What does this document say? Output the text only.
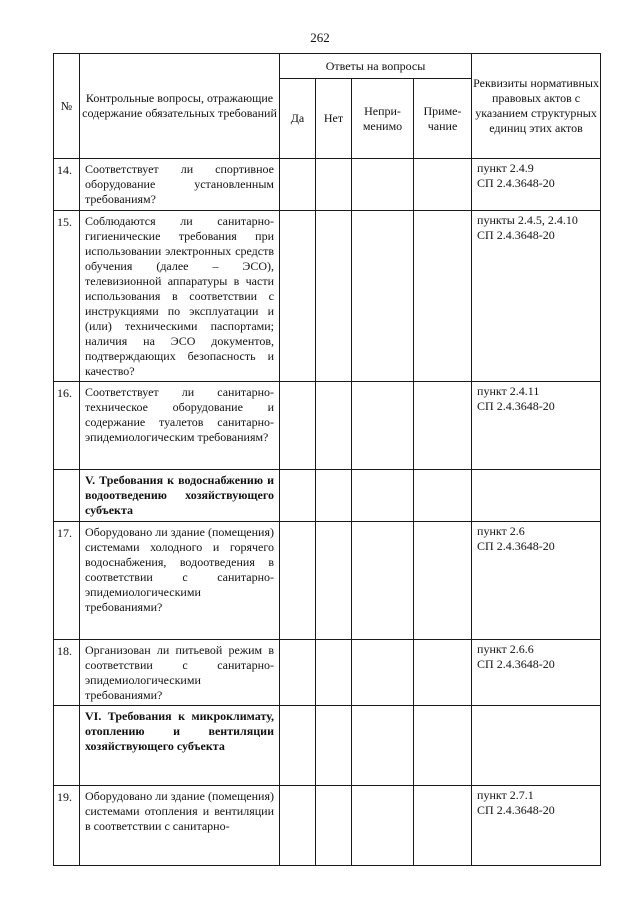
262
№	Контрольные вопросы, отражающие содержание обязательных требований	Ответы на вопросы				Реквизиты нормативных правовых актов с указанием структурных единиц этих актов
		Да	Нет	Непри-менимо	Приме-чание	
14.	Соответствует ли спортивное оборудование установленным требованиям?					пункт 2.4.9
СП 2.4.3648-20

15.	Соблюдаются ли санитарно-гигиенические требования при использовании электронных средств обучения (далее – ЭСО), телевизионной аппаратуры в части использования в соответствии с инструкциями по эксплуатации и (или) техническими паспортами; наличия на ЭСО документов, подтверждающих безопасность и качество?					пункты 2.4.5, 2.4.10
СП 2.4.3648-20

16.	Соответствует ли санитарно-техническое оборудование и содержание туалетов санитарно-эпидемиологическим требованиям?					пункт 2.4.11
СП 2.4.3648-20

	V. Требования к водоснабжению и водоотведению хозяйствующего субъекта					
17.	Оборудовано ли здание (помещения) системами холодного и горячего водоснабжения, водоотведения в соответствии с санитарно-эпидемиологическими требованиями?					пункт 2.6
СП 2.4.3648-20

18.	Организован ли питьевой режим в соответствии с санитарно-эпидемиологическими требованиями?					пункт 2.6.6
СП 2.4.3648-20

	VI. Требования к микроклимату, отоплению и вентиляции хозяйствующего субъекта					
19.	Оборудовано ли здание (помещения) системами отопления и вентиляции в соответствии с санитарно-					пункт 2.7.1
СП 2.4.3648-20
